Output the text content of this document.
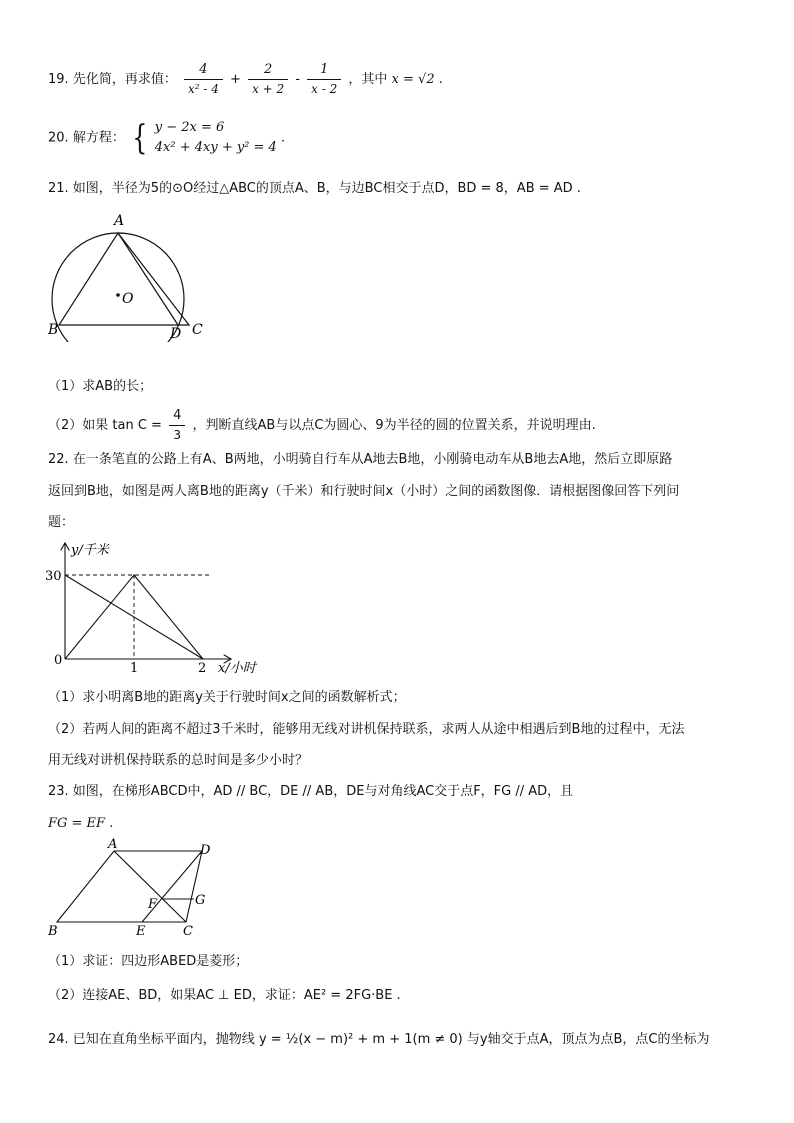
19. 先化简，再求值： $\frac{4}{\text{x² - 4}} + \frac{2}{x + 2} - \frac{1}{x - 2}$ ，其中 x = √2 .
20. 解方程： { y − 2x = 6
4x² + 4xy + y² = 4
.
21. 如图，半径为5的⊙O经过△ABC的顶点A、B，与边BC相交于点D，BD = 8，AB = AD .
A
B	C
D
O
（1）求AB的长；
（2）如果 $\tan C = \frac{4}{3}$ ，判断直线AB与以点C为圆心、9为半径的圆的位置关系，并说明理由.
22. 在一条笔直的公路上有A、B两地，小明骑自行车从A地去B地，小刚骑电动车从B地去A地，然后立即原路
返回到B地，如图是两人离B地的距离y（千米）和行驶时间x（小时）之间的函数图像．请根据图像回答下列问
题：
y/千米
x/小时
30
0
1	2
（1）求小明离B地的距离y关于行驶时间x之间的函数解析式；
（2）若两人间的距离不超过3千米时，能够用无线对讲机保持联系，求两人从途中相遇后到B地的过程中，无法
用无线对讲机保持联系的总时间是多少小时？
23. 如图，在梯形ABCD中，AD // BC，DE // AB，DE与对角线AC交于点F，FG // AD，且
FG = EF .
A	D
B	E	C
F	G
（1）求证：四边形ABED是菱形；
（2）连接AE、BD，如果AC ⊥ ED，求证：AE² = 2FG·BE .
24. 已知在直角坐标平面内，抛物线 y = ½(x − m)² + m + 1(m ≠ 0) 与y轴交于点A，顶点为点B，点C的坐标为
